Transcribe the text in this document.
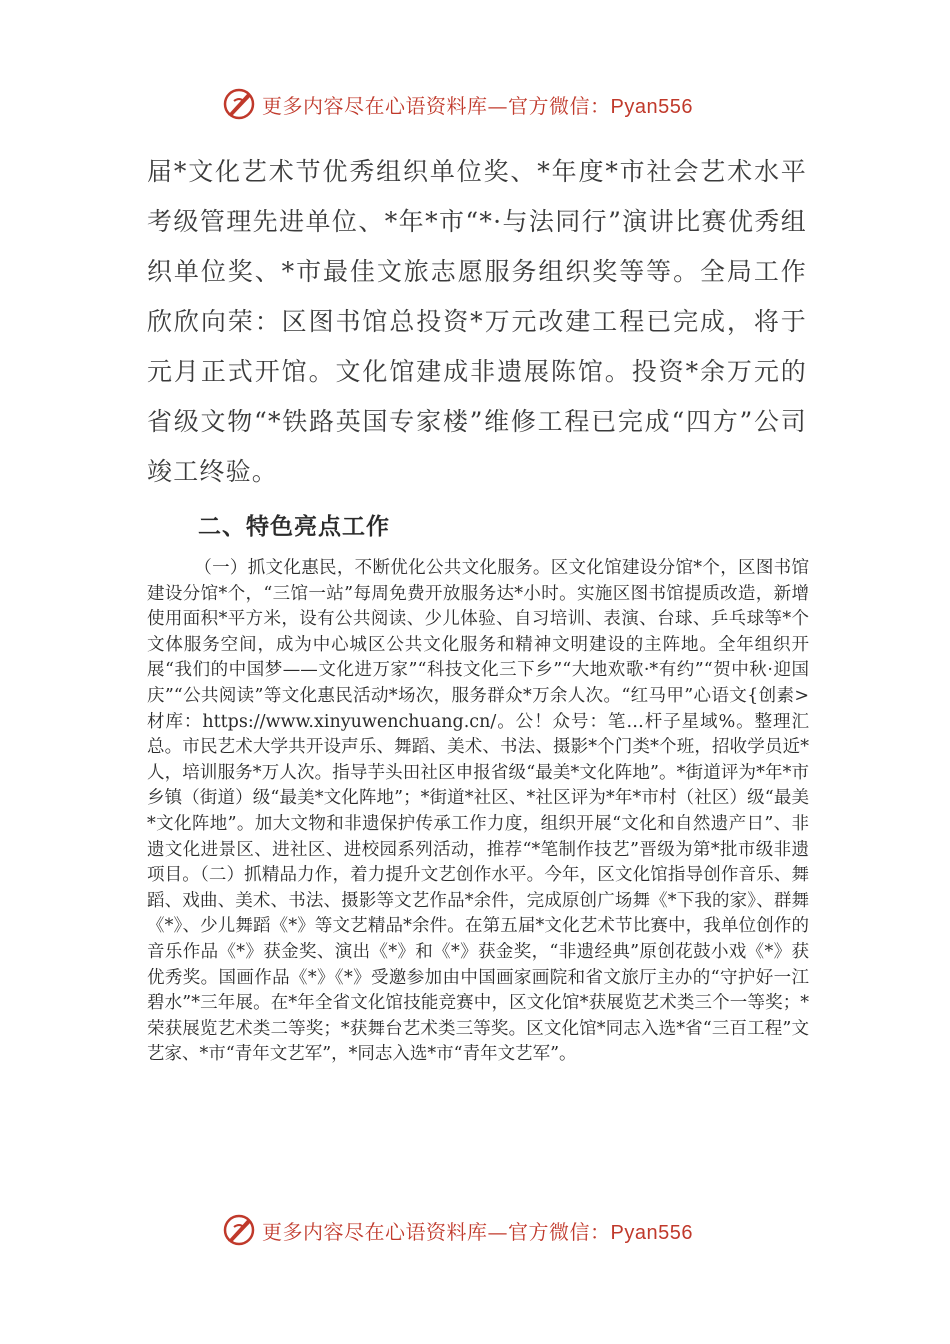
更多内容尽在心语资料库—官方微信：Pyan556

届*文化艺术节优秀组织单位奖、*年度*市社会艺术水平考级管理先进单位、*年*市“*·与法同行”演讲比赛优秀组织单位奖、*市最佳文旅志愿服务组织奖等等。全局工作欣欣向荣：区图书馆总投资*万元改建工程已完成，将于元月正式开馆。文化馆建成非遗展陈馆。投资*余万元的省级文物“*铁路英国专家楼”维修工程已完成“四方”公司竣工终验。

二、特色亮点工作

（一）抓文化惠民，不断优化公共文化服务。区文化馆建设分馆*个，区图书馆建设分馆*个，“三馆一站”每周免费开放服务达*小时。实施区图书馆提质改造，新增使用面积*平方米，设有公共阅读、少儿体验、自习培训、表演、台球、乒乓球等*个文体服务空间，成为中心城区公共文化服务和精神文明建设的主阵地。全年组织开展“我们的中国梦——文化进万家”“科技文化三下乡”“大地欢歌·*有约”“贺中秋·迎国庆”“公共阅读”等文化惠民活动*场次，服务群众*万余人次。“红马甲”心语文{创素>材库：https://www.xinyuwenchuang.cn/。公！众号：笔…杆子星域%。整理汇总。市民艺术大学共开设声乐、舞蹈、美术、书法、摄影*个门类*个班，招收学员近*人，培训服务*万人次。指导芋头田社区申报省级“最美*文化阵地”。*街道评为*年*市乡镇（街道）级“最美*文化阵地”；*街道*社区、*社区评为*年*市村（社区）级“最美*文化阵地”。加大文物和非遗保护传承工作力度，组织开展“文化和自然遗产日”、非遗文化进景区、进社区、进校园系列活动，推荐“*笔制作技艺”晋级为第*批市级非遗项目。（二）抓精品力作，着力提升文艺创作水平。今年，区文化馆指导创作音乐、舞蹈、戏曲、美术、书法、摄影等文艺作品*余件，完成原创广场舞《*下我的家》、群舞《*》、少儿舞蹈《*》等文艺精品*余件。在第五届*文化艺术节比赛中，我单位创作的音乐作品《*》获金奖、演出《*》和《*》获金奖，“非遗经典”原创花鼓小戏《*》获优秀奖。国画作品《*》《*》受邀参加由中国画家画院和省文旅厅主办的“守护好一江碧水”*三年展。在*年全省文化馆技能竞赛中，区文化馆*获展览艺术类三个一等奖；*荣获展览艺术类二等奖；*获舞台艺术类三等奖。区文化馆*同志入选*省“三百工程”文艺家、*市“青年文艺军”，*同志入选*市“青年文艺军”。

更多内容尽在心语资料库—官方微信：Pyan556
